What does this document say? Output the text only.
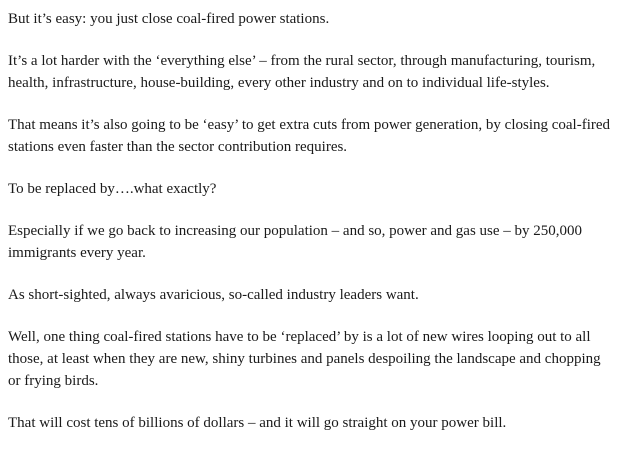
But it’s easy: you just close coal-fired power stations.

It’s a lot harder with the ‘everything else’ – from the rural sector, through manufacturing, tourism, health, infrastructure, house-building, every other industry and on to individual life-styles.

That means it’s also going to be ‘easy’ to get extra cuts from power generation, by closing coal-fired stations even faster than the sector contribution requires.

To be replaced by….what exactly?

Especially if we go back to increasing our population – and so, power and gas use – by 250,000 immigrants every year.

As short-sighted, always avaricious, so-called industry leaders want.

Well, one thing coal-fired stations have to be ‘replaced’ by is a lot of new wires looping out to all those, at least when they are new, shiny turbines and panels despoiling the landscape and chopping or frying birds.

That will cost tens of billions of dollars – and it will go straight on your power bill.
